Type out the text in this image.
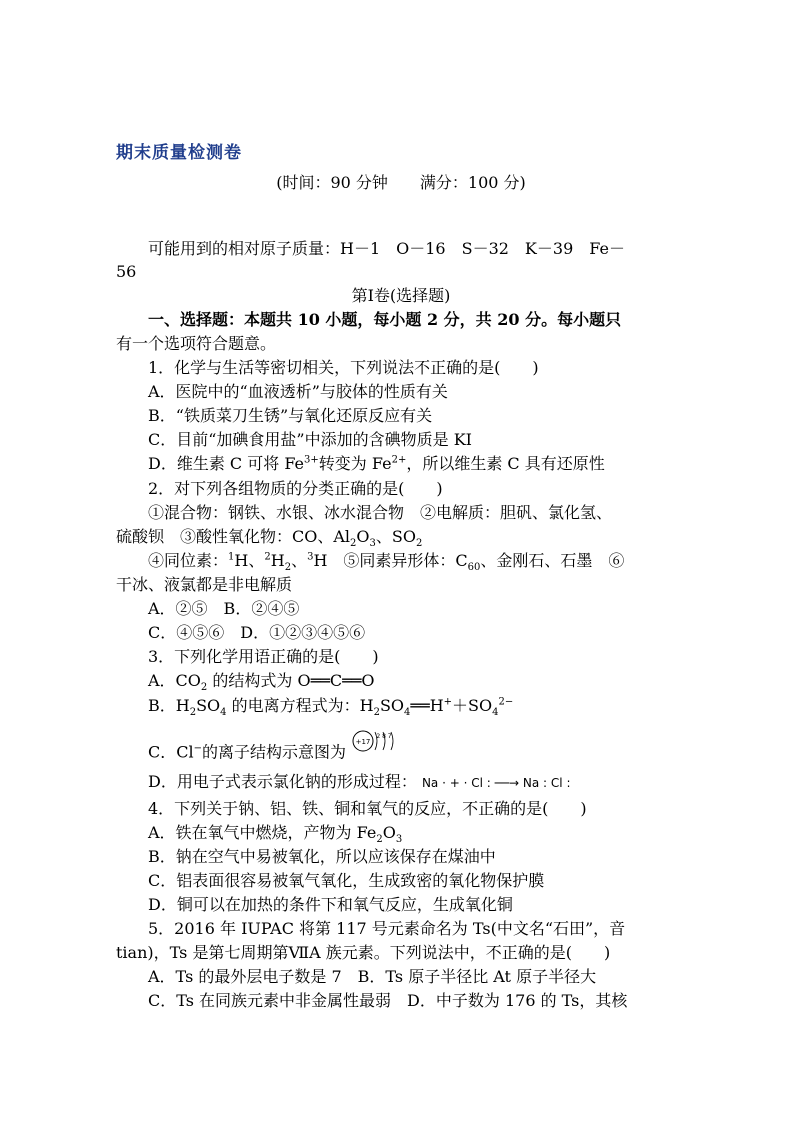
期末质量检测卷
(时间：90 分钟　　满分：100 分)
可能用到的相对原子质量：H－1　O－16　S－32　K－39　Fe－
56
第Ⅰ卷(选择题)
一、选择题：本题共 10 小题，每小题 2 分，共 20 分。每小题只
有一个选项符合题意。
1．化学与生活等密切相关，下列说法不正确的是(　　)
A．医院中的“血液透析”与胶体的性质有关
B．“铁质菜刀生锈”与氧化还原反应有关
C．目前“加碘食用盐”中添加的含碘物质是 KI
D．维生素 C 可将 $Fe^{3+}$转变为 $Fe^{2+}$，所以维生素 C 具有还原性
2．对下列各组物质的分类正确的是(　　)
①混合物：钢铁、水银、冰水混合物　②电解质：胆矾、氯化氢、
硫酸钡　③酸性氧化物：CO、$Al_2O_3$、$SO_2$
④同位素：$^1$H、$^2H_2$、$^3$H　⑤同素异形体：$C_{60}$、金刚石、石墨　⑥
干冰、液氯都是非电解质
A．②⑤　B．②④⑤
C．④⑤⑥　D．①②③④⑤⑥
3．下列化学用语正确的是(　　)
A．$CO_2$ 的结构式为 O══C══O
B．$H_2SO_4$ 的电离方程式为：$H_2SO_4══H^++SO_4^{2-}$
C．Cl−的离子结构示意图为
+17
2 8 7
D．用电子式表示氯化钠的形成过程： Na · + · Cl : ──→ Na : Cl :
4．下列关于钠、铝、铁、铜和氧气的反应，不正确的是(　　)
A．铁在氧气中燃烧，产物为 $Fe_2O_3$
B．钠在空气中易被氧化，所以应该保存在煤油中
C．铝表面很容易被氧气氧化，生成致密的氧化物保护膜
D．铜可以在加热的条件下和氧气反应，生成氧化铜
5．2016 年 IUPAC 将第 117 号元素命名为 Ts(中文名“石田”，音
tian)，Ts 是第七周期第ⅦA 族元素。下列说法中，不正确的是(　　)
A．Ts 的最外层电子数是 7　B．Ts 原子半径比 At 原子半径大
C．Ts 在同族元素中非金属性最弱　D．中子数为 176 的 Ts，其核
